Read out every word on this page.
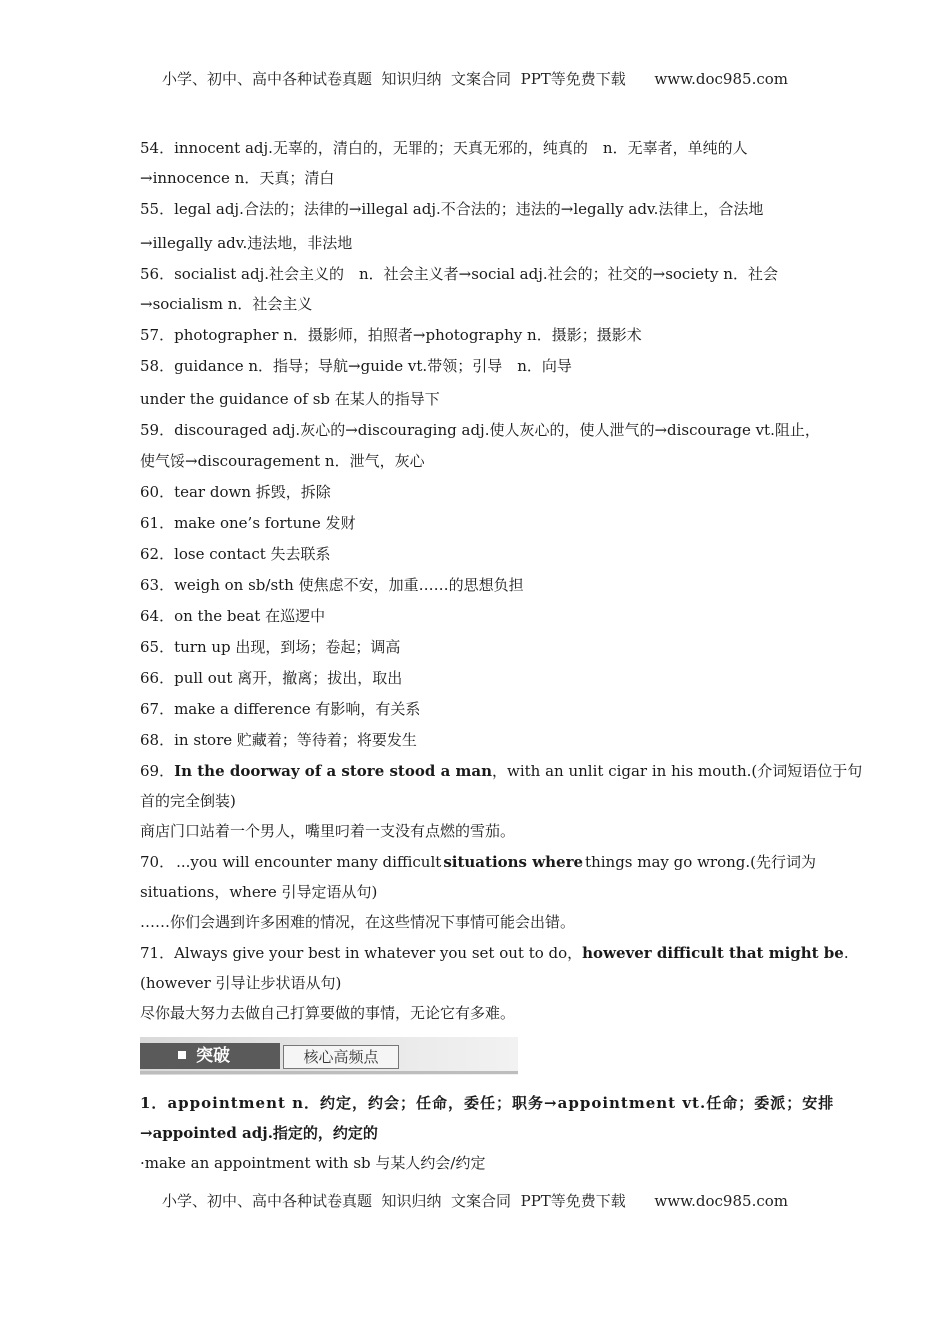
小学、初中、高中各种试卷真题  知识归纳  文案合同  PPT等免费下载      www.doc985.com
54．innocent adj.无辜的，清白的，无罪的；天真无邪的，纯真的　n．无辜者，单纯的人
→innocence n．天真；清白
55．legal adj.合法的；法律的→illegal adj.不合法的；违法的→legally adv.法律上，合法地
→illegally adv.违法地，非法地
56．socialist adj.社会主义的　n．社会主义者→social adj.社会的；社交的→society n．社会
→socialism n．社会主义
57．photographer n．摄影师，拍照者→photography n．摄影；摄影术
58．guidance n．指导；导航→guide vt.带领；引导　n．向导
under the guidance of sb 在某人的指导下
59．discouraged adj.灰心的→discouraging adj.使人灰心的，使人泄气的→discourage vt.阻止，
使气馁→discouragement n．泄气，灰心
60．tear down 拆毁，拆除
61．make one’s fortune 发财
62．lose contact 失去联系
63．weigh on sb/sth 使焦虑不安，加重……的思想负担
64．on the beat 在巡逻中
65．turn up 出现，到场；卷起；调高
66．pull out 离开，撤离；拔出，取出
67．make a difference 有影响，有关系
68．in store 贮藏着；等待着；将要发生
69．In the doorway of a store stood a man，with an unlit cigar in his mouth.(介词短语位于句
首的完全倒装)
商店门口站着一个男人，嘴里叼着一支没有点燃的雪茄。
70． ...you will encounter many difficult situations where things may go wrong.(先行词为
situations，where 引导定语从句)
……你们会遇到许多困难的情况，在这些情况下事情可能会出错。
71． Always give your best in whatever you set out to do， however difficult that might be .
(however 引导让步状语从句)
尽你最大努力去做自己打算要做的事情，无论它有多难。
突破	核心高频点
1．appointment n．约定，约会；任命，委任；职务→appointment vt.任命；委派；安排
→appointed adj.指定的，约定的
·make an appointment with sb 与某人约会/约定
小学、初中、高中各种试卷真题  知识归纳  文案合同  PPT等免费下载      www.doc985.com
